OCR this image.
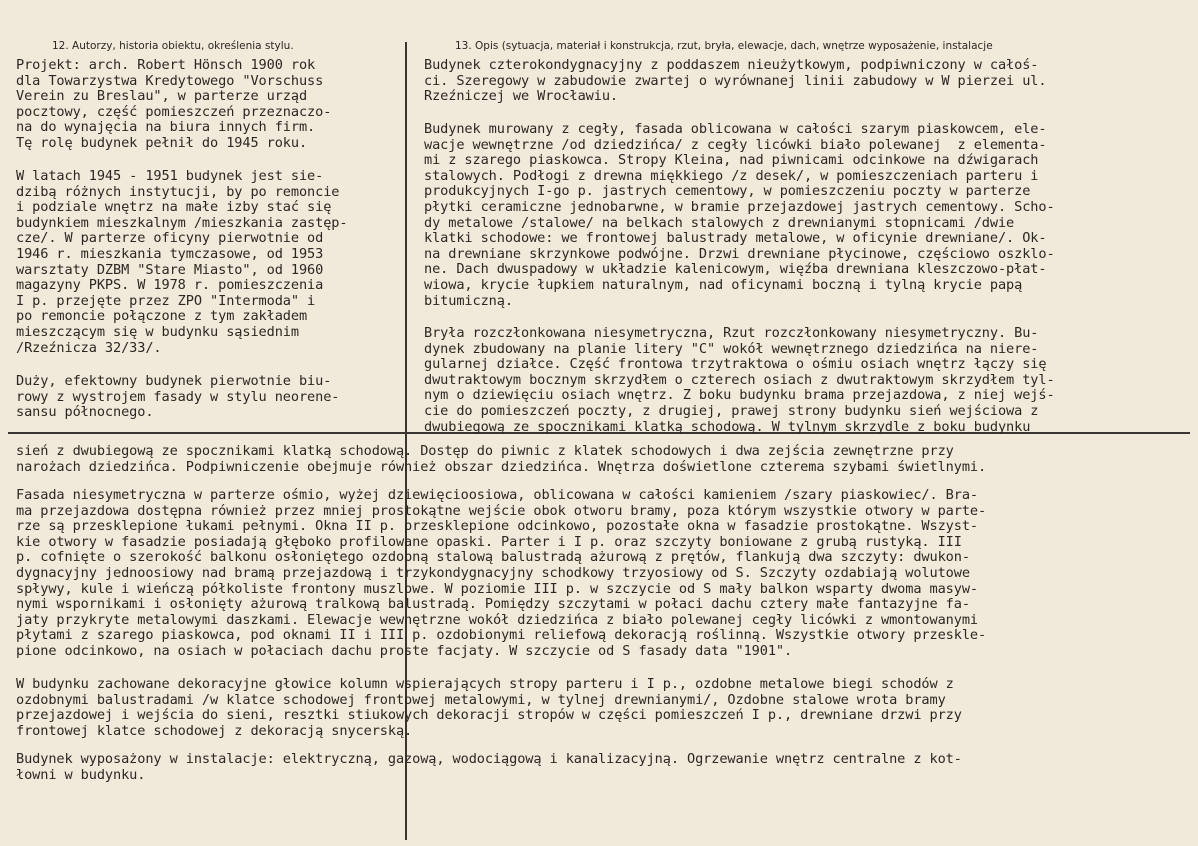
12. Autorzy, historia obiektu, określenia stylu.	13. Opis (sytuacja, materiał i konstrukcja, rzut, bryła, elewacje, dach, wnętrze wyposażenie, instalacje
Projekt: arch. Robert Hönsch 1900 rok
dla Towarzystwa Kredytowego "Vorschuss
Verein zu Breslau", w parterze urząd
pocztowy, część pomieszczeń przeznaczo-
na do wynajęcia na biura innych firm.
Tę rolę budynek pełnił do 1945 roku.
W latach 1945 - 1951 budynek jest sie-
dzibą różnych instytucji, by po remoncie
i podziale wnętrz na małe izby stać się
budynkiem mieszkalnym /mieszkania zastęp-
cze/. W parterze oficyny pierwotnie od
1946 r. mieszkania tymczasowe, od 1953
warsztaty DZBM "Stare Miasto", od 1960
magazyny PKPS. W 1978 r. pomieszczenia
I p. przejęte przez ZPO "Intermoda" i
po remoncie połączone z tym zakładem
mieszczącym się w budynku sąsiednim
/Rzeźnicza 32/33/.
Duży, efektowny budynek pierwotnie biu-
rowy z wystrojem fasady w stylu neorene-
sansu północnego.
Budynek czterokondygnacyjny z poddaszem nieużytkowym, podpiwniczony w całoś-
ci. Szeregowy w zabudowie zwartej o wyrównanej linii zabudowy w W pierzei ul.
Rzeźniczej we Wrocławiu.
Budynek murowany z cegły, fasada oblicowana w całości szarym piaskowcem, ele-
wacje wewnętrzne /od dziedzińca/ z cegły licówki biało polewanej  z elementa-
mi z szarego piaskowca. Stropy Kleina, nad piwnicami odcinkowe na dźwigarach
stalowych. Podłogi z drewna miękkiego /z desek/, w pomieszczeniach parteru i
produkcyjnych I-go p. jastrych cementowy, w pomieszczeniu poczty w parterze
płytki ceramiczne jednobarwne, w bramie przejazdowej jastrych cementowy. Scho-
dy metalowe /stalowe/ na belkach stalowych z drewnianymi stopnicami /dwie
klatki schodowe: we frontowej balustrady metalowe, w oficynie drewniane/. Ok-
na drewniane skrzynkowe podwójne. Drzwi drewniane płycinowe, częściowo oszklo-
ne. Dach dwuspadowy w układzie kalenicowym, więźba drewniana kleszczowo-płat-
wiowa, krycie łupkiem naturalnym, nad oficynami boczną i tylną krycie papą
bitumiczną.
Bryła rozczłonkowana niesymetryczna, Rzut rozczłonkowany niesymetryczny. Bu-
dynek zbudowany na planie litery "C" wokół wewnętrznego dziedzińca na niere-
gularnej działce. Część frontowa trzytraktowa o ośmiu osiach wnętrz łączy się
dwutraktowym bocznym skrzydłem o czterech osiach z dwutraktowym skrzydłem tyl-
nym o dziewięciu osiach wnętrz. Z boku budynku brama przejazdowa, z niej wejś-
cie do pomieszczeń poczty, z drugiej, prawej strony budynku sień wejściowa z
dwubiegową ze spocznikami klatką schodową. W tylnym skrzydle z boku budynku
sień z dwubiegową ze spocznikami klatką schodową. Dostęp do piwnic z klatek schodowych i dwa zejścia zewnętrzne przy
narożach dziedzińca. Podpiwniczenie obejmuje również obszar dziedzińca. Wnętrza doświetlone czterema szybami świetlnymi.
Fasada niesymetryczna w parterze ośmio, wyżej dziewięcioosiowa, oblicowana w całości kamieniem /szary piaskowiec/. Bra-
ma przejazdowa dostępna również przez mniej prostokątne wejście obok otworu bramy, poza którym wszystkie otwory w parte-
rze są przesklepione łukami pełnymi. Okna II p. przesklepione odcinkowo, pozostałe okna w fasadzie prostokątne. Wszyst-
kie otwory w fasadzie posiadają głęboko profilowane opaski. Parter i I p. oraz szczyty boniowane z grubą rustyką. III
p. cofnięte o szerokość balkonu osłoniętego ozdobną stalową balustradą ażurową z prętów, flankują dwa szczyty: dwukon-
dygnacyjny jednoosiowy nad bramą przejazdową i trzykondygnacyjny schodkowy trzyosiowy od S. Szczyty ozdabiają wolutowe
spływy, kule i wieńczą półkoliste frontony muszlowe. W poziomie III p. w szczycie od S mały balkon wsparty dwoma masyw-
nymi wspornikami i osłonięty ażurową tralkową balustradą. Pomiędzy szczytami w połaci dachu cztery małe fantazyjne fa-
jaty przykryte metalowymi daszkami. Elewacje wewnętrzne wokół dziedzińca z biało polewanej cegły licówki z wmontowanymi
płytami z szarego piaskowca, pod oknami II i III p. ozdobionymi reliefową dekoracją roślinną. Wszystkie otwory przeskle-
pione odcinkowo, na osiach w połaciach dachu proste facjaty. W szczycie od S fasady data "1901".
W budynku zachowane dekoracyjne głowice kolumn wspierających stropy parteru i I p., ozdobne metalowe biegi schodów z
ozdobnymi balustradami /w klatce schodowej frontowej metalowymi, w tylnej drewnianymi/, Ozdobne stalowe wrota bramy
przejazdowej i wejścia do sieni, resztki stiukowych dekoracji stropów w części pomieszczeń I p., drewniane drzwi przy
frontowej klatce schodowej z dekoracją snycerską.
Budynek wyposażony w instalacje: elektryczną, gazową, wodociągową i kanalizacyjną. Ogrzewanie wnętrz centralne z kot-
łowni w budynku.
